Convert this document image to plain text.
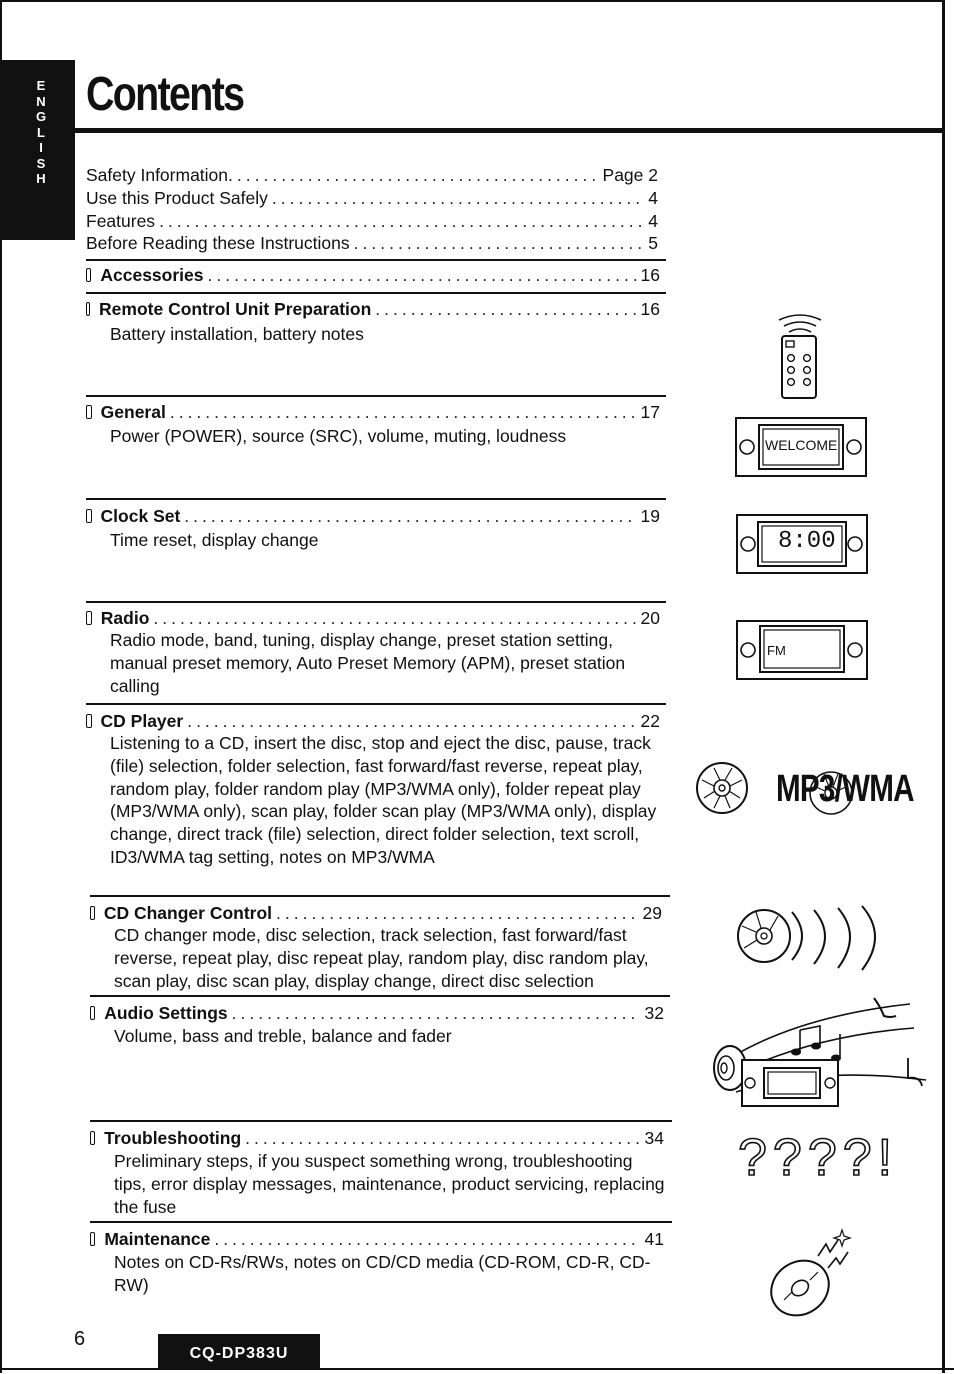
E
N
G
L
I
S
H
Contents
Safety Information. .....	Page 2
Use this Product Safely .....	4
Features .....	4
Before Reading these Instructions .....	5
Accessories .....	16
Remote Control Unit Preparation .....	16
Battery installation, battery notes
General .....	17
Power (POWER), source (SRC), volume, muting, loudness
Clock Set .....	19
Time reset, display change
Radio .....	20
Radio mode, band, tuning, display change, preset station setting, manual preset memory, Auto Preset Memory (APM), preset station calling
CD Player .....	22
Listening to a CD, insert the disc, stop and eject the disc, pause, track (file) selection, folder selection, fast forward/fast reverse, repeat play, random play, folder random play (MP3/WMA only), folder repeat play (MP3/WMA only), scan play, folder scan play (MP3/WMA only), display change, direct track (file) selection, direct folder selection, text scroll, ID3/WMA tag setting, notes on MP3/WMA
CD Changer Control .....	29
CD changer mode, disc selection, track selection, fast forward/fast reverse, repeat play, disc repeat play, random play, disc random play, scan play, disc scan play, display change, direct disc selection
Audio Settings .....	32
Volume, bass and treble, balance and fader
Troubleshooting .....	34
Preliminary steps, if you suspect something wrong, troubleshooting tips, error display messages, maintenance, product servicing, replacing the fuse
Maintenance .....	41
Notes on CD-Rs/RWs, notes on CD/CD media (CD-ROM, CD-R, CD-RW)
WELCOME
8:00
FM
MP3/WMA
????!
6
CQ-DP383U
